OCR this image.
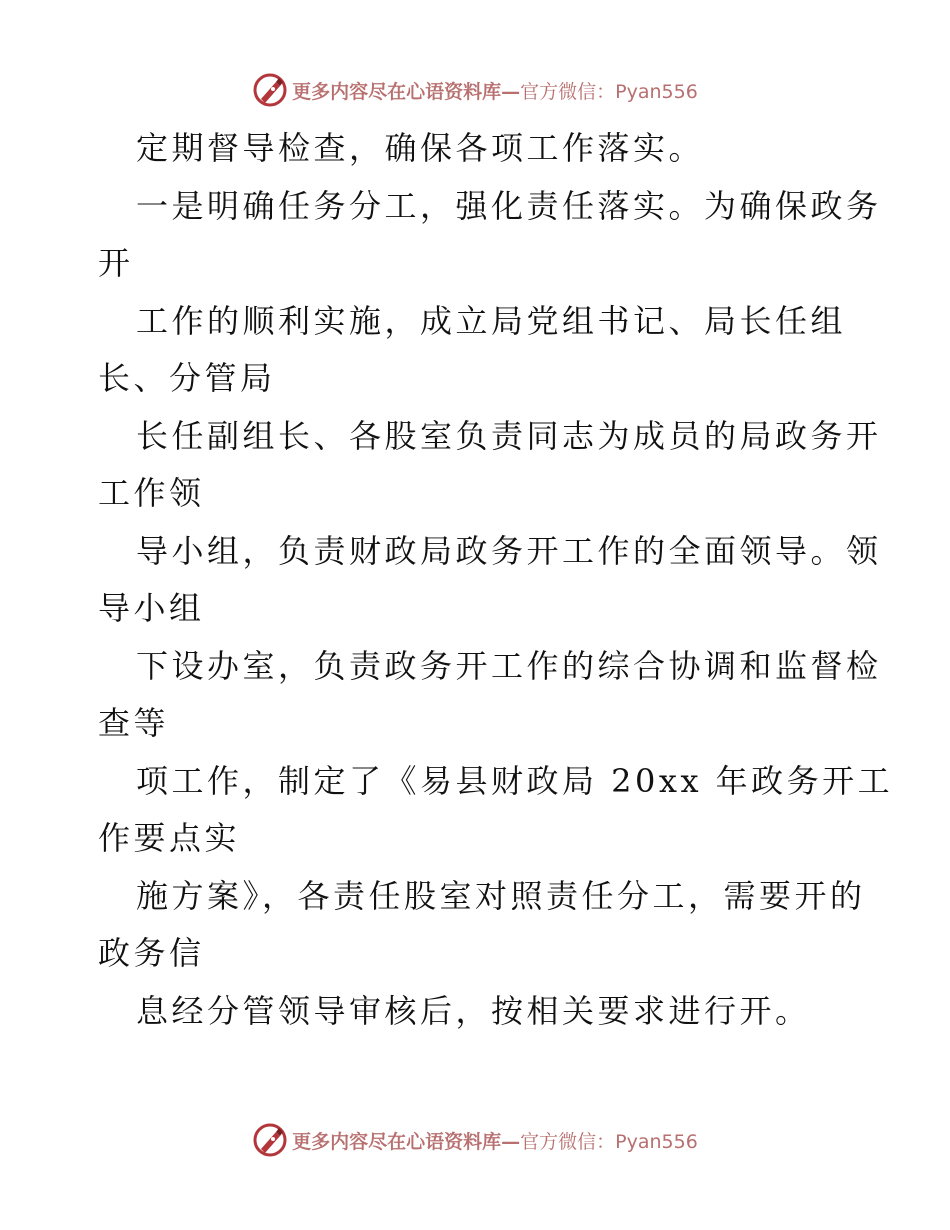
更多内容尽在心语资料库— 官方微信：Pyan556
定期督导检查，确保各项工作落实。
一是明确任务分工，强化责任落实。为确保政务
开
工作的顺利实施，成立局党组书记、局长任组
长、分管局
长任副组长、各股室负责同志为成员的局政务开
工作领
导小组，负责财政局政务开工作的全面领导。领
导小组
下设办室，负责政务开工作的综合协调和监督检
查等
项工作，制定了《易县财政局 20xx 年政务开工
作要点实
施方案》，各责任股室对照责任分工，需要开的
政务信
息经分管领导审核后，按相关要求进行开。
更多内容尽在心语资料库— 官方微信：Pyan556
